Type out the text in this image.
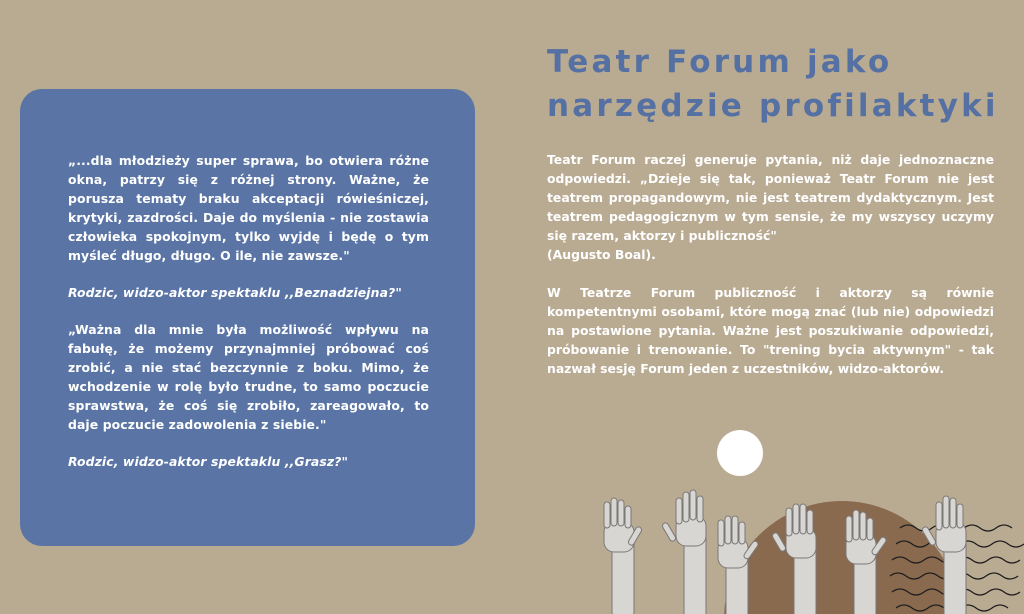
„...dla młodzieży super sprawa, bo otwiera różne okna, patrzy się z różnej strony. Ważne, że porusza tematy braku akceptacji rówieśniczej, krytyki, zazdrości. Daje do myślenia - nie zostawia człowieka spokojnym, tylko wyjdę i będę o tym myśleć długo, długo. O ile, nie zawsze."

Rodzic, widzo-aktor spektaklu ,,Beznadziejna?"

„Ważna dla mnie była możliwość wpływu na fabułę, że możemy przynajmniej próbować coś zrobić, a nie stać bezczynnie z boku. Mimo, że wchodzenie w rolę było trudne, to samo poczucie sprawstwa, że coś się zrobiło, zareagowało, to daje poczucie zadowolenia z siebie."

Rodzic, widzo-aktor spektaklu ,,Grasz?"

Teatr Forum jako
narzędzie profilaktyki

Teatr Forum raczej generuje pytania, niż daje jednoznaczne odpowiedzi. „Dzieje się tak, ponieważ Teatr Forum nie jest teatrem propagandowym, nie jest teatrem dydaktycznym. Jest teatrem pedagogicznym w tym sensie, że my wszyscy uczymy się razem, aktorzy i publiczność"

(Augusto Boal).

W Teatrze Forum publiczność i aktorzy są równie kompetentnymi osobami, które mogą znać (lub nie) odpowiedzi na postawione pytania. Ważne jest poszukiwanie odpowiedzi, próbowanie i trenowanie. To "trening bycia aktywnym" - tak nazwał sesję Forum jeden z uczestników, widzo-aktorów.
